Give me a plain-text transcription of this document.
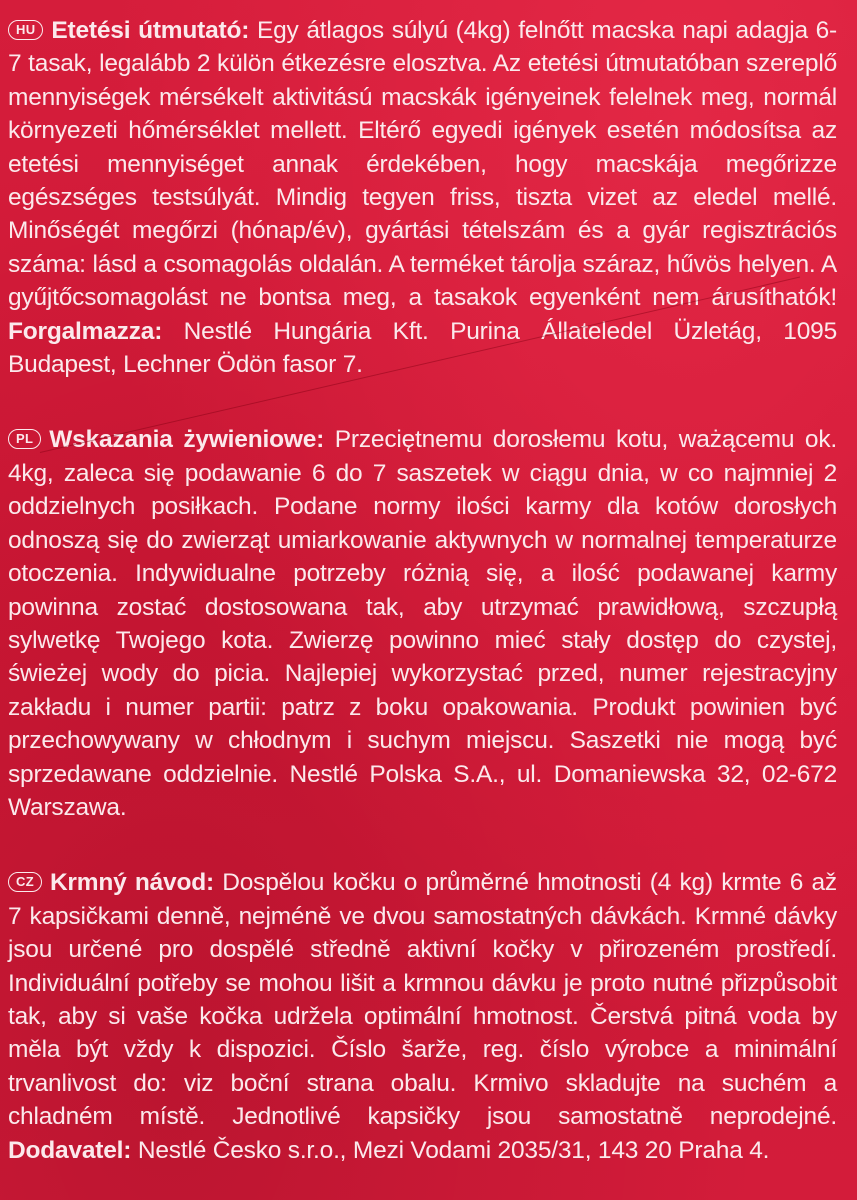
HU Etetési útmutató: Egy átlagos súlyú (4kg) felnőtt macska napi adagja 6-7 tasak, legalább 2 külön étkezésre elosztva. Az etetési útmutatóban szereplő mennyiségek mérsékelt aktivitású macskák igényeinek felelnek meg, normál környezeti hőmérséklet mellett. Eltérő egyedi igények esetén módosítsa az etetési mennyiséget annak érdekében, hogy macskája megőrizze egészséges testsúlyát. Mindig tegyen friss, tiszta vizet az eledel mellé. Minőségét megőrzi (hónap/év), gyártási tételszám és a gyár regisztrációs száma: lásd a csomagolás oldalán. A terméket tárolja száraz, hűvös helyen. A gyűjtőcsomagolást ne bontsa meg, a tasakok egyenként nem árusíthatók! Forgalmazza: Nestlé Hungária Kft. Purina Állateledel Üzletág, 1095 Budapest, Lechner Ödön fasor 7.

PL Wskazania żywieniowe: Przeciętnemu dorosłemu kotu, ważącemu ok. 4kg, zaleca się podawanie 6 do 7 saszetek w ciągu dnia, w co najmniej 2 oddzielnych posiłkach. Podane normy ilości karmy dla kotów dorosłych odnoszą się do zwierząt umiarkowanie aktywnych w normalnej temperaturze otoczenia. Indywidualne potrzeby różnią się, a ilość podawanej karmy powinna zostać dostosowana tak, aby utrzymać prawidłową, szczupłą sylwetkę Twojego kota. Zwierzę powinno mieć stały dostęp do czystej, świeżej wody do picia. Najlepiej wykorzystać przed, numer rejestracyjny zakładu i numer partii: patrz z boku opakowania. Produkt powinien być przechowywany w chłodnym i suchym miejscu. Saszetki nie mogą być sprzedawane oddzielnie. Nestlé Polska S.A., ul. Domaniewska 32, 02-672 Warszawa.

CZ Krmný návod: Dospělou kočku o průměrné hmotnosti (4 kg) krmte 6 až 7 kapsičkami denně, nejméně ve dvou samostatných dávkách. Krmné dávky jsou určené pro dospělé středně aktivní kočky v přirozeném prostředí. Individuální potřeby se mohou lišit a krmnou dávku je proto nutné přizpůsobit tak, aby si vaše kočka udržela optimální hmotnost. Čerstvá pitná voda by měla být vždy k dispozici. Číslo šarže, reg. číslo výrobce a minimální trvanlivost do: viz boční strana obalu. Krmivo skladujte na suchém a chladném místě. Jednotlivé kapsičky jsou samostatně neprodejné. Dodavatel: Nestlé Česko s.r.o., Mezi Vodami 2035/31, 143 20 Praha 4.
